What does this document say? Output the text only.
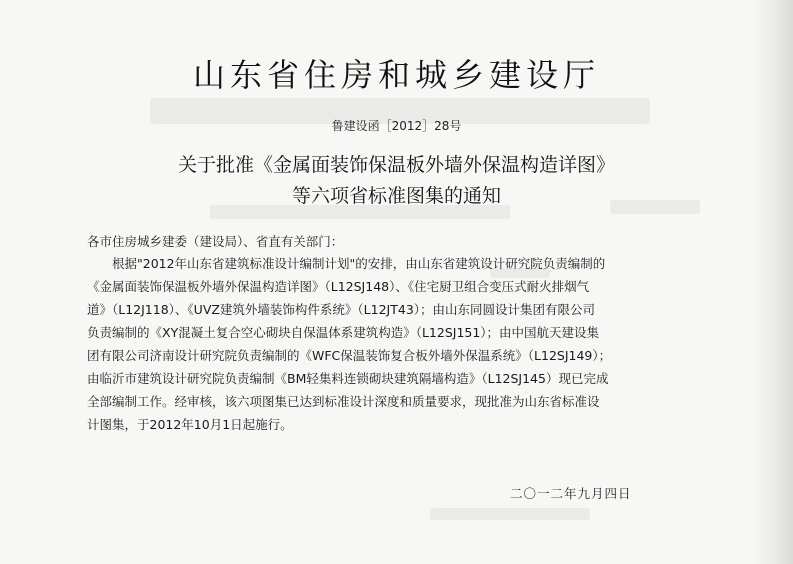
山东省住房和城乡建设厅
鲁建设函［2012］28号
关于批准《金属面装饰保温板外墙外保温构造详图》
等六项省标准图集的通知
各市住房城乡建委（建设局）、省直有关部门：
根据"2012年山东省建筑标准设计编制计划"的安排，由山东省建筑设计研究院负责编制的
《金属面装饰保温板外墙外保温构造详图》（L12SJ148）、《住宅厨卫组合变压式耐火排烟气
道》（L12J118）、《UVZ建筑外墙装饰构件系统》（L12JT43）；由山东同圆设计集团有限公司
负责编制的《XY混凝土复合空心砌块自保温体系建筑构造》（L12SJ151）；由中国航天建设集
团有限公司济南设计研究院负责编制的《WFC保温装饰复合板外墙外保温系统》（L12SJ149）；
由临沂市建筑设计研究院负责编制《BM轻集料连锁砌块建筑隔墙构造》（L12SJ145）现已完成
全部编制工作。经审核，该六项图集已达到标准设计深度和质量要求，现批准为山东省标准设
计图集，于2012年10月1日起施行。
二〇一二年九月四日
